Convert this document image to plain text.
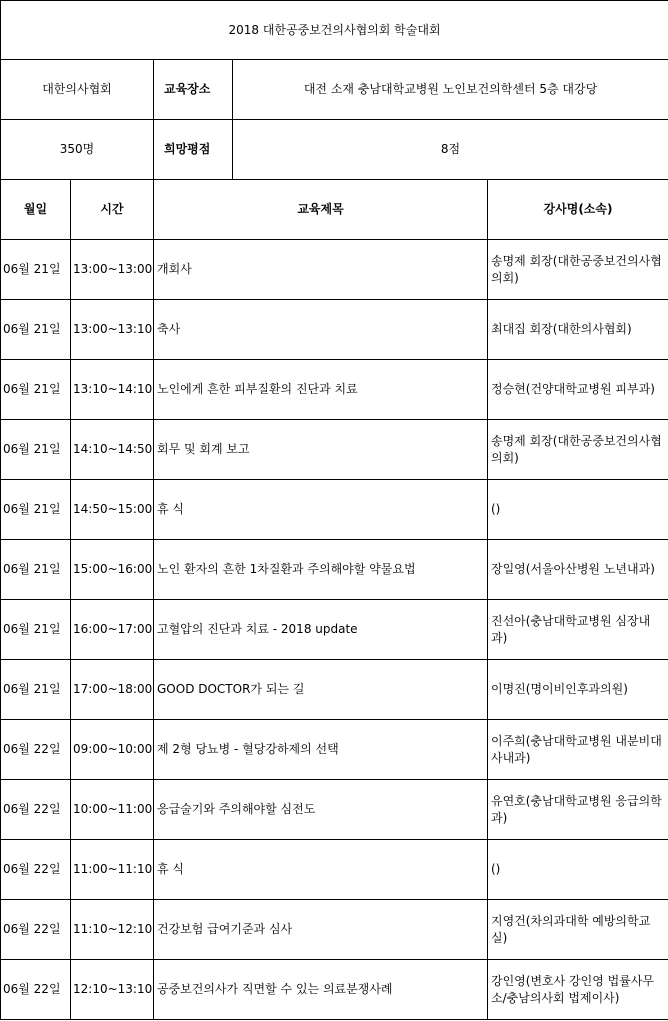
2018 대한공중보건의사협의회 학술대회				
대한의사협회		교육장소	대전 소재 충남대학교병원 노인보건의학센터 5층 대강당	
350명		희망평점	8점	
월일	시간	교육제목		강사명(소속)
06월 21일	13:00~13:00	개회사		송명제 회장(대한공중보건의사협의회)
06월 21일	13:00~13:10	축사		최대집 회장(대한의사협회)
06월 21일	13:10~14:10	노인에게 흔한 피부질환의 진단과 치료		정승현(건양대학교병원 피부과)
06월 21일	14:10~14:50	회무 및 회계 보고		송명제 회장(대한공중보건의사협의회)
06월 21일	14:50~15:00	휴 식		()
06월 21일	15:00~16:00	노인 환자의 흔한 1차질환과 주의해야할 약물요법		장일영(서울아산병원 노년내과)
06월 21일	16:00~17:00	고혈압의 진단과 치료 - 2018 update		진선아(충남대학교병원 심장내과)
06월 21일	17:00~18:00	GOOD DOCTOR가 되는 길		이명진(명이비인후과의원)
06월 22일	09:00~10:00	제 2형 당뇨병 - 혈당강하제의 선택		이주희(충남대학교병원 내분비대사내과)
06월 22일	10:00~11:00	응급술기와 주의해야할 심전도		유연호(충남대학교병원 응급의학과)
06월 22일	11:00~11:10	휴 식		()
06월 22일	11:10~12:10	건강보험 급여기준과 심사		지영건(차의과대학 예방의학교실)
06월 22일	12:10~13:10	공중보건의사가 직면할 수 있는 의료분쟁사례		강인영(변호사 강인영 법률사무소/충남의사회 법제이사)
